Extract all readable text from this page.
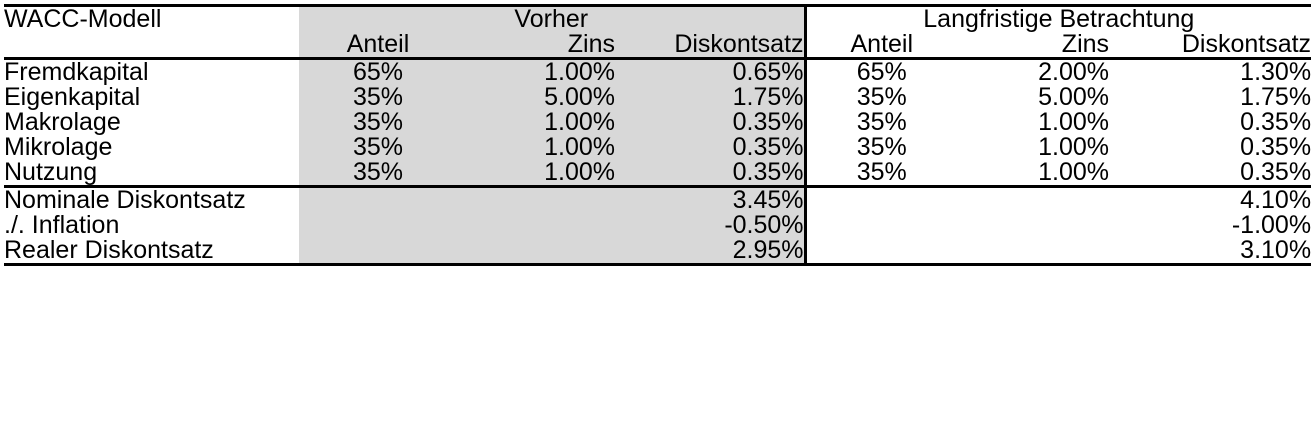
WACC-Modell	Vorher			Langfristige Betrachtung		
	Anteil	Zins	Diskontsatz	Anteil	Zins	Diskontsatz
Fremdkapital	65%	1.00%	0.65%	65%	2.00%	1.30%
Eigenkapital	35%	5.00%	1.75%	35%	5.00%	1.75%
Makrolage	35%	1.00%	0.35%	35%	1.00%	0.35%
Mikrolage	35%	1.00%	0.35%	35%	1.00%	0.35%
Nutzung	35%	1.00%	0.35%	35%	1.00%	0.35%
Nominale Diskontsatz			3.45%			4.10%
./. Inflation			-0.50%			-1.00%
Realer Diskontsatz			2.95%			3.10%
